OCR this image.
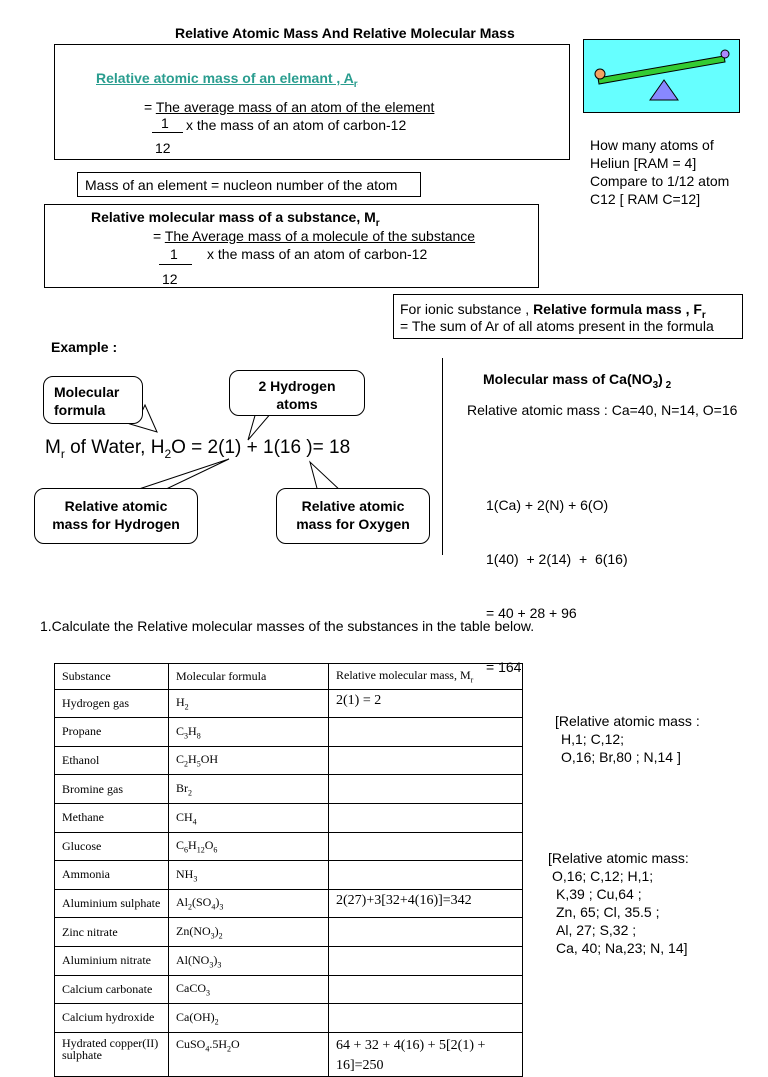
Relative Atomic Mass And Relative Molecular Mass
Relative atomic mass of an elemant , $A_r$
= The average mass of an atom of the element
1 x the mass of an atom of carbon-12
12	How many atoms of
Heliun [RAM = 4]
Compare to 1/12 atom
C12 [ RAM C=12]
Mass of an element = nucleon number of the atom
Relative molecular mass of a substance, $M_r$
= The Average mass of a molecule of the substance
1 x the mass of an atom of carbon-12
12
For ionic substance , Relative formula mass , $F_r$
= The sum of Ar of all atoms present in the formula
Example :
Molecular
formula
2 Hydrogen
atoms
$M_r$ of Water, $H_2O = 2(1) + 1(16$ )= 18
Relative atomic
mass for Hydrogen
Relative atomic
mass for Oxygen
Molecular mass of $Ca(NO_3)$ $_2$
Relative atomic mass : Ca=40, N=14, O=16

1(Ca) + 2(N) + 6(O)

1(40)  + 2(14)  +  6(16)

= 40 + 28 + 96

= 164

1.Calculate the Relative molecular masses of the substances in the table below.
Substance	Molecular formula	Relative molecular mass, $M_r$
Hydrogen gas	$H_2$	2(1) = 2
Propane	$C_3H_8$	
Ethanol	$C_2H_5OH$	
Bromine gas	$Br_2$	
Methane	$CH_4$	
Glucose	$C_6H_{12}O_6$	
Ammonia	$NH_3$	
Aluminium sulphate	$Al_2(SO_4)_3$	2(27)+3[32+4(16)]=342
Zinc nitrate	$Zn(NO_3)_2$	
Aluminium nitrate	$Al(NO_3)_3$	
Calcium carbonate	CaCO$_3$	
Calcium hydroxide	$Ca(OH)_2$	
Hydrated copper(II) sulphate	$CuSO_4.5H_2O$	64 + 32 + 4(16) + 5[2(1) + 16]=250
[Relative atomic mass :
H,1; C,12;
O,16; Br,80 ; N,14 ]
[Relative atomic mass:
O,16; C,12; H,1;
K,39 ; Cu,64 ;
Zn, 65; Cl, 35.5 ;
Al, 27; S,32 ;
Ca, 40; Na,23; N, 14]
